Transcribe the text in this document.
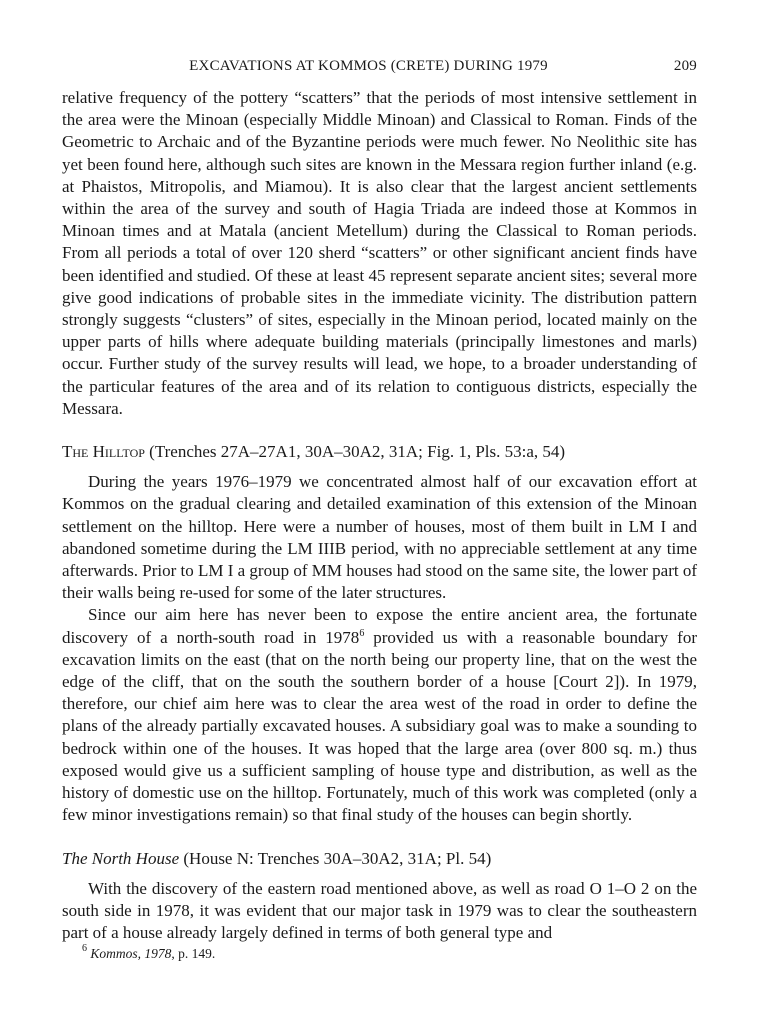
EXCAVATIONS AT KOMMOS (CRETE) DURING 1979	209

relative frequency of the pottery “scatters” that the periods of most intensive settlement in the area were the Minoan (especially Middle Minoan) and Classical to Roman. Finds of the Geometric to Archaic and of the Byzantine periods were much fewer. No Neolithic site has yet been found here, although such sites are known in the Messara region further inland (e.g. at Phaistos, Mitropolis, and Miamou). It is also clear that the largest ancient settlements within the area of the survey and south of Hagia Triada are indeed those at Kommos in Minoan times and at Matala (ancient Metellum) during the Classical to Roman periods. From all periods a total of over 120 sherd “scatters” or other significant ancient finds have been identified and studied. Of these at least 45 represent separate ancient sites; several more give good indications of probable sites in the immediate vicinity. The distribution pattern strongly suggests “clusters” of sites, especially in the Minoan period, located mainly on the upper parts of hills where adequate building materials (principally limestones and marls) occur. Further study of the survey results will lead, we hope, to a broader understanding of the particular features of the area and of its relation to contiguous districts, especially the Messara.

The Hilltop (Trenches 27A–27A1, 30A–30A2, 31A; Fig. 1, Pls. 53:a, 54)

During the years 1976–1979 we concentrated almost half of our excavation effort at Kommos on the gradual clearing and detailed examination of this extension of the Minoan settlement on the hilltop. Here were a number of houses, most of them built in LM I and abandoned sometime during the LM IIIB period, with no appreciable settlement at any time afterwards. Prior to LM I a group of MM houses had stood on the same site, the lower part of their walls being re-used for some of the later structures.

Since our aim here has never been to expose the entire ancient area, the fortunate discovery of a north-south road in 1978$^6$ provided us with a reasonable boundary for excavation limits on the east (that on the north being our property line, that on the west the edge of the cliff, that on the south the southern border of a house [Court 2]). In 1979, therefore, our chief aim here was to clear the area west of the road in order to define the plans of the already partially excavated houses. A subsidiary goal was to make a sounding to bedrock within one of the houses. It was hoped that the large area (over 800 sq. m.) thus exposed would give us a sufficient sampling of house type and distribution, as well as the history of domestic use on the hilltop. Fortunately, much of this work was completed (only a few minor investigations remain) so that final study of the houses can begin shortly.

The North House (House N: Trenches 30A–30A2, 31A; Pl. 54)

With the discovery of the eastern road mentioned above, as well as road O 1–O 2 on the south side in 1978, it was evident that our major task in 1979 was to clear the southeastern part of a house already largely defined in terms of both general type and

$^6$ Kommos, 1978, p. 149.
